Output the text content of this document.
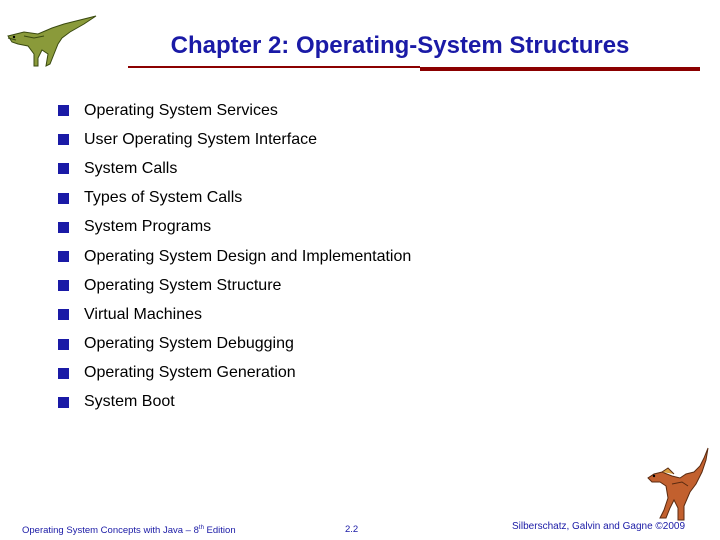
Chapter 2: Operating-System Structures
Operating System Services
User Operating System Interface
System Calls
Types of System Calls
System Programs
Operating System Design and Implementation
Operating System Structure
Virtual Machines
Operating System Debugging
Operating System Generation
System Boot
Operating System Concepts with Java – 8th Edition	2.2	Silberschatz, Galvin and Gagne ©2009
